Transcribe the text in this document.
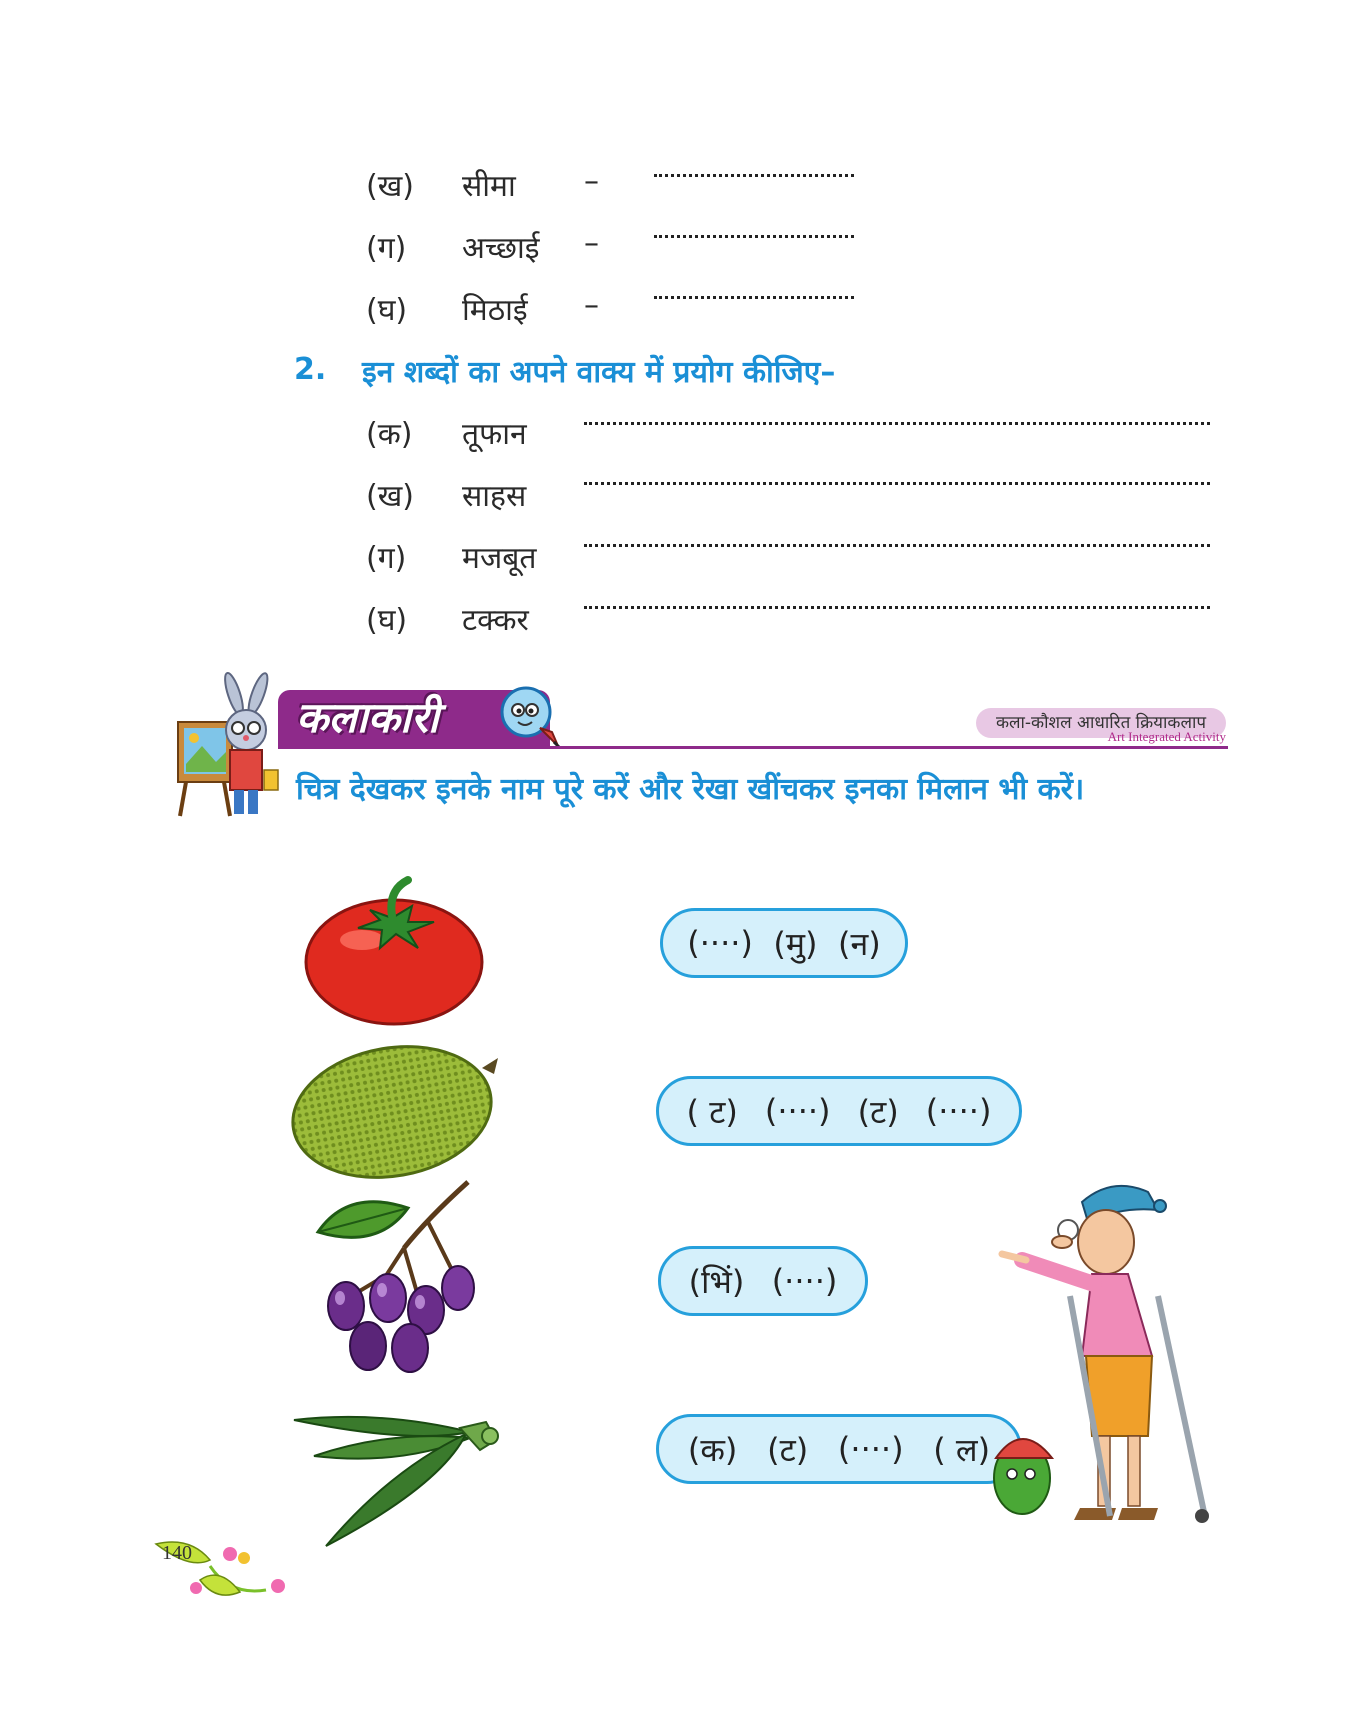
(ख) सीमा –
(ग) अच्छाई –
(घ) मिठाई –
2. इन शब्दों का अपने वाक्य में प्रयोग कीजिए–
(क) तूफान
(ख) साहस
(ग) मजबूत
(घ) टक्कर
कलाकारी	कला-कौशल आधारित क्रियाकलाप
Art Integrated Activity
चित्र देखकर इनके नाम पूरे करें और रेखा खींचकर इनका मिलान भी करें।
(····) (मु) (न)
( ट) (····) (ट) (····)
(भिं) (····)
(क) (ट) (····) ( ल)
140
